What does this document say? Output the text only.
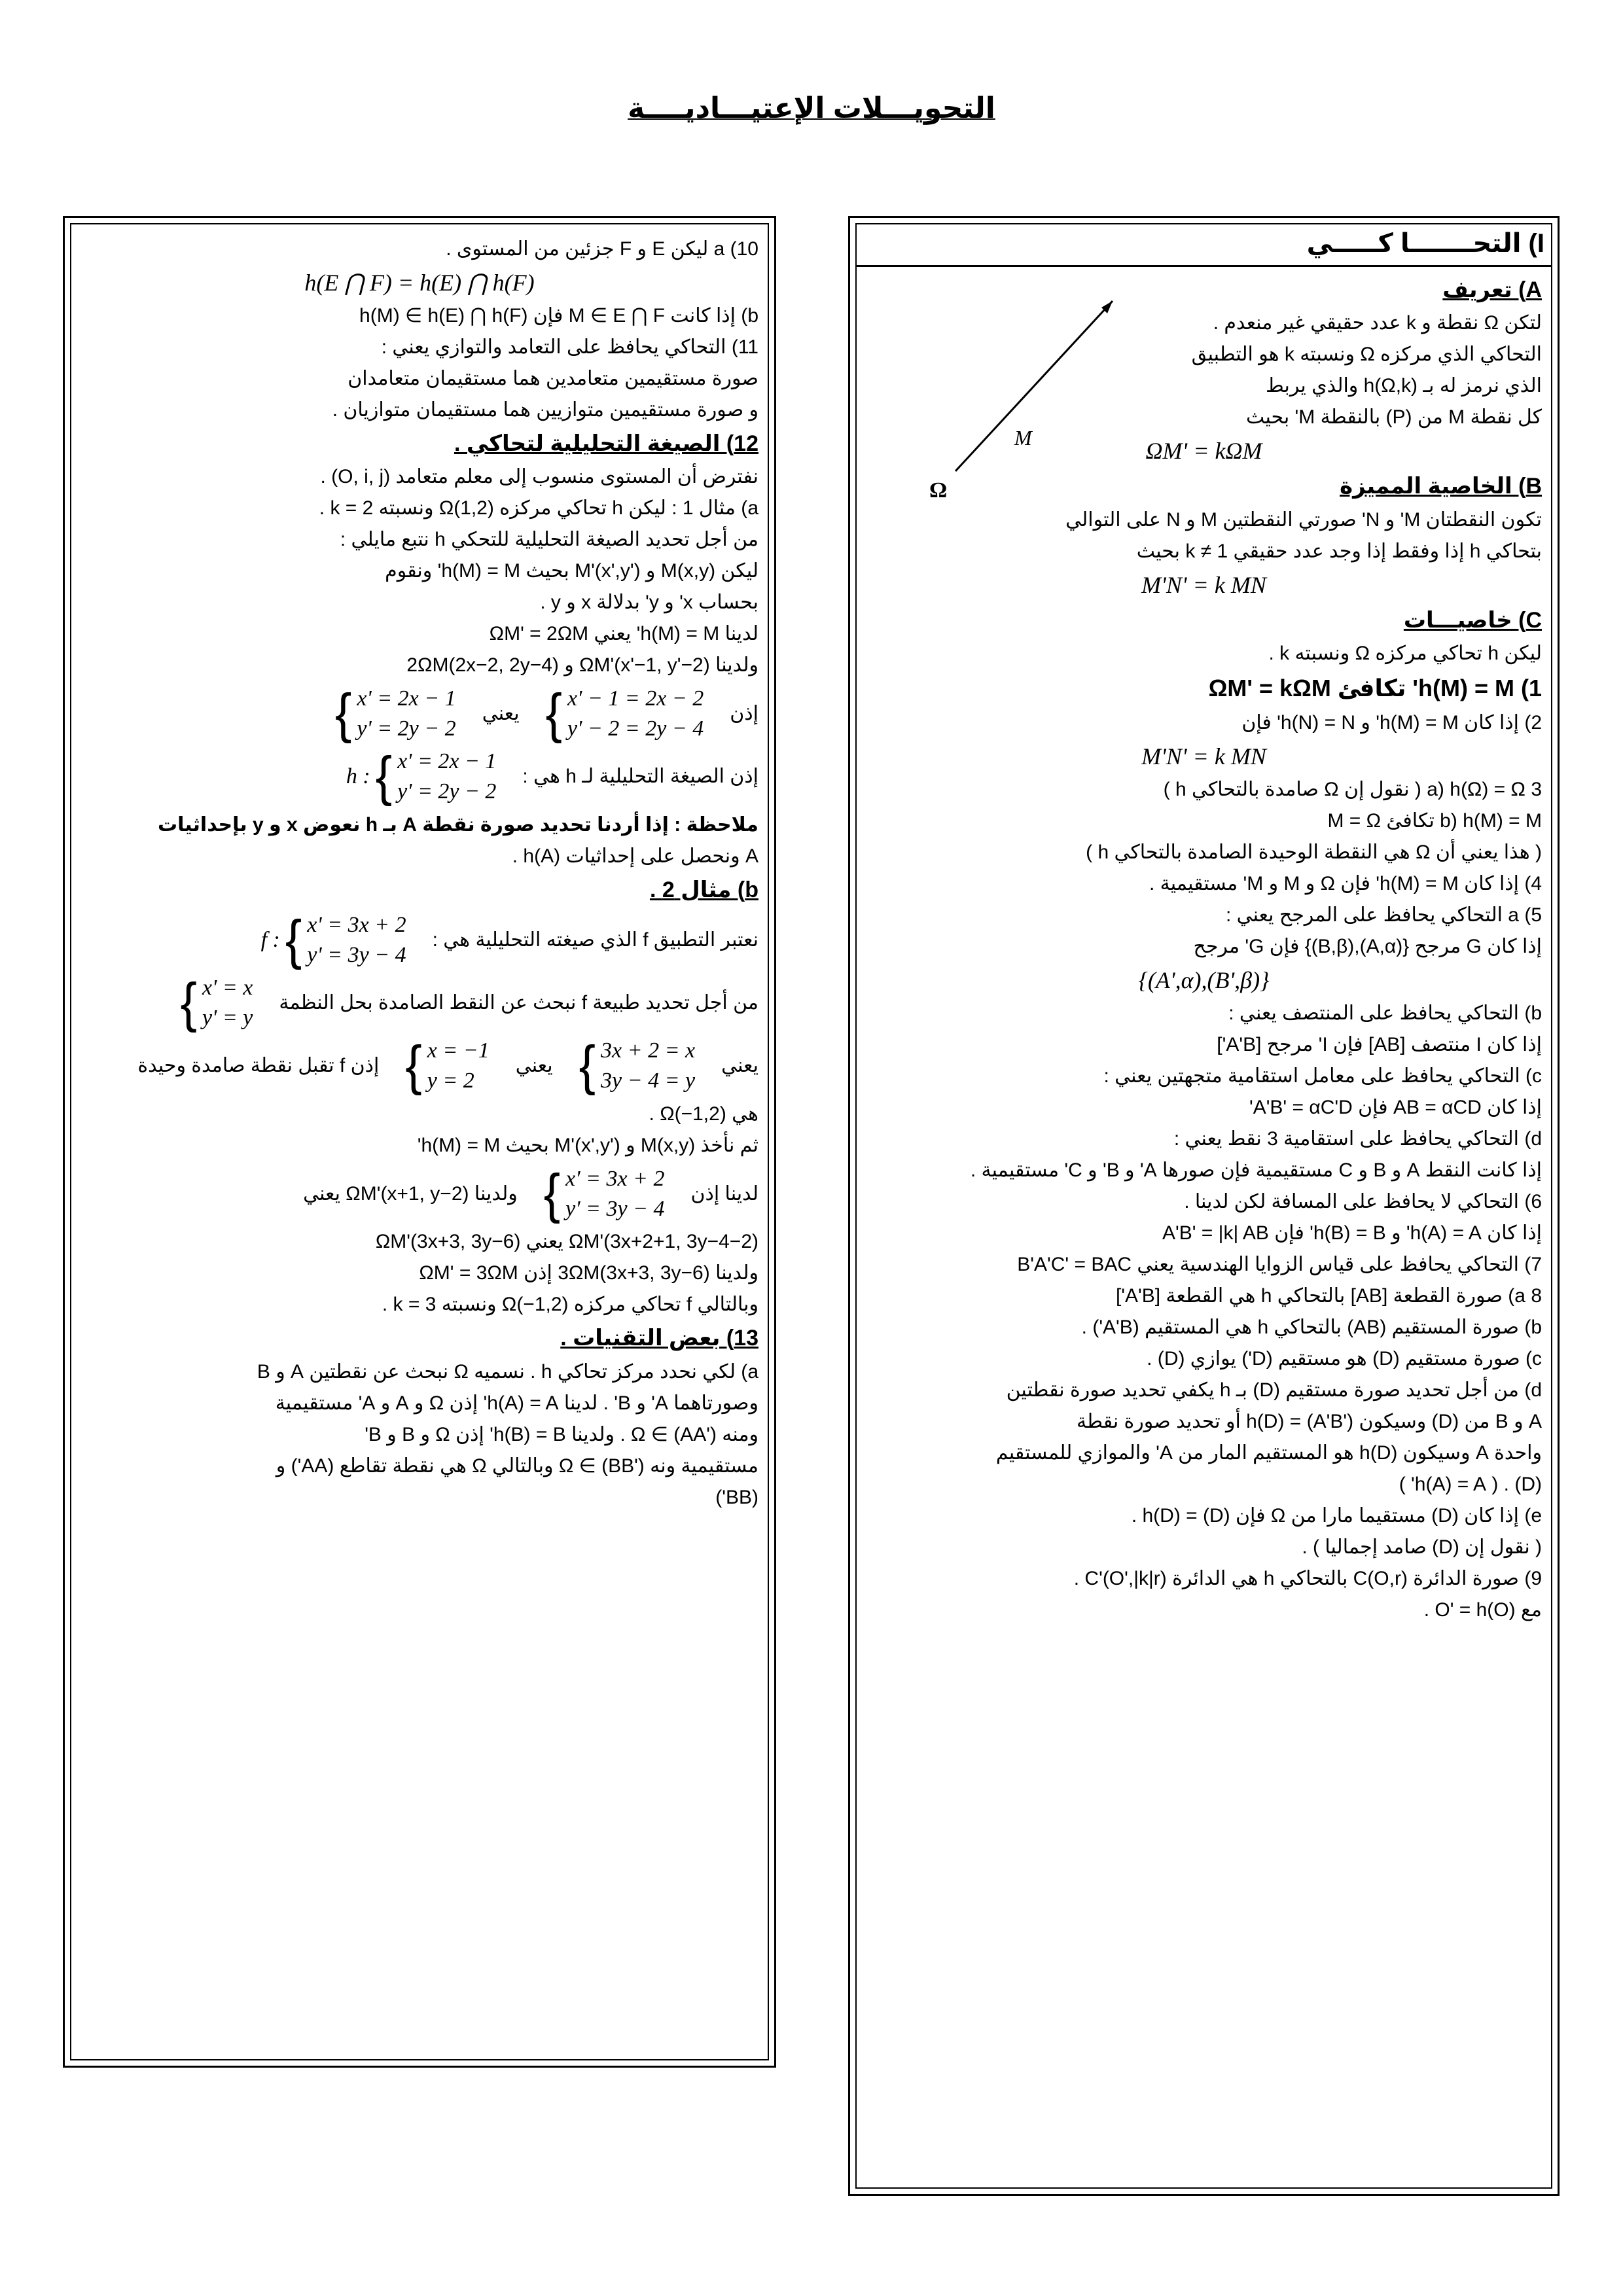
التحويـــلات الإعتيـــاديــــة
Ω
M
I) التحـــــــا كـــــي
A) تعريف
لتكن Ω نقطة و k عدد حقيقي غير منعدم .
التحاكي الذي مركزه Ω ونسبته k هو التطبيق
الذي نرمز له بـ h(Ω,k) والذي يربط
كل نقطة M من (P) بالنقطة M' بحيث
ΩM' = kΩM
B) الخاصية المميزة
تكون النقطتان M' و N' صورتي النقطتين M و N على التوالي
بتحاكي h إذا وفقط إذا وجد عدد حقيقي k ≠ 1 بحيث
M'N' = k MN
C) خاصيـــات
ليكن h تحاكي مركزه Ω ونسبته k .
1) h(M) = M' تكافئ ΩM' = kΩM
2) إذا كان h(M) = M' و h(N) = N' فإن
M'N' = k MN
3 a) h(Ω) = Ω ( نقول إن Ω صامدة بالتحاكي h )
b) h(M) = M تكافئ M = Ω
( هذا يعني أن Ω هي النقطة الوحيدة الصامدة بالتحاكي h )
4) إذا كان h(M) = M' فإن Ω و M و M' مستقيمية .
5) a التحاكي يحافظ على المرجح يعني :
إذا كان G مرجح {(A,α),(B,β)} فإن G' مرجح
{(A',α),(B',β)}
b) التحاكي يحافظ على المنتصف يعني :
إذا كان I منتصف [AB] فإن I' مرجح [A'B']
c) التحاكي يحافظ على معامل استقامية متجهتين يعني :
إذا كان AB = αCD فإن A'B' = αC'D'
d) التحاكي يحافظ على استقامية 3 نقط يعني :
إذا كانت النقط A و B و C مستقيمية فإن صورها A' و B' و C' مستقيمية .
6) التحاكي لا يحافظ على المسافة لكن لدينا .
إذا كان h(A) = A' و h(B) = B' فإن A'B' = |k| AB
7) التحاكي يحافظ على قياس الزوايا الهندسية يعني B'A'C' = BAC
8 a) صورة القطعة [AB] بالتحاكي h هي القطعة [A'B']
b) صورة المستقيم (AB) بالتحاكي h هي المستقيم (A'B') .
c) صورة مستقيم (D) هو مستقيم (D') يوازي (D) .
d) من أجل تحديد صورة مستقيم (D) بـ h يكفي تحديد صورة نقطتين
A و B من (D) وسيكون h(D) = (A'B') أو تحديد صورة نقطة
واحدة A وسيكون h(D) هو المستقيم المار من A' والموازي للمستقيم
(D) . ( h(A) = A' )
e) إذا كان (D) مستقيما مارا من Ω فإن h(D) = (D) .
( نقول إن (D) صامد إجماليا ) .
9) صورة الدائرة C(O,r) بالتحاكي h هي الدائرة C'(O',|k|r) .
مع O' = h(O) .
10) a ليكن E و F جزئين من المستوى .
h(E ⋂ F) = h(E) ⋂ h(F)
b) إذا كانت M ∈ E ⋂ F فإن h(M) ∈ h(E) ⋂ h(F)
11) التحاكي يحافظ على التعامد والتوازي يعني :
صورة مستقيمين متعامدين هما مستقيمان متعامدان
و صورة مستقيمين متوازيين هما مستقيمان متوازيان .
12) الصيغة التحليلية لتحاكي .
نفترض أن المستوى منسوب إلى معلم متعامد (O, i, j) .
a) مثال 1 : ليكن h تحاكي مركزه Ω(1,2) ونسبته k = 2 .
من أجل تحديد الصيغة التحليلية للتحكي h نتبع مايلي :
ليكن M(x,y) و M'(x',y') بحيث h(M) = M' ونقوم
بحساب x' و y' بدلالة x و y .
لدينا h(M) = M' يعني ΩM' = 2ΩM
ولدينا ΩM'(x'−1, y'−2) و 2ΩM(2x−2, 2y−4)
إذن
{ x' − 1 = 2x − 2
y' − 2 = 2y − 4
يعني
{ x' = 2x − 1
y' = 2y − 2
إذن الصيغة التحليلية لـ h هي :
h : { x' = 2x − 1
y' = 2y − 2
ملاحظة : إذا أردنا تحديد صورة نقطة A بـ h نعوض x و y بإحداثيات
A ونحصل على إحداثيات h(A) .
b) مثال 2 .
نعتبر التطبيق f الذي صيغته التحليلية هي :
f : { x' = 3x + 2
y' = 3y − 4
من أجل تحديد طبيعة f نبحث عن النقط الصامدة بحل النظمة
{ x' = x
y' = y
يعني
{ 3x + 2 = x
3y − 4 = y
يعني
{ x = −1
y = 2
إذن f تقبل نقطة صامدة وحيدة
هي Ω(−1,2) .
ثم نأخذ M(x,y) و M'(x',y') بحيث h(M) = M'
لدينا إذن
{ x' = 3x + 2
y' = 3y − 4
ولدينا ΩM'(x+1, y−2) يعني
ΩM'(3x+2+1, 3y−4−2) يعني ΩM'(3x+3, 3y−6)
ولدينا 3ΩM(3x+3, 3y−6) إذن ΩM' = 3ΩM
وبالتالي f تحاكي مركزه Ω(−1,2) ونسبته k = 3 .
13) بعض التقنيات .
a) لكي نحدد مركز تحاكي h . نسميه Ω نبحث عن نقطتين A و B
وصورتاهما A' و B' . لدينا h(A) = A' إذن Ω و A و A' مستقيمية
ومنه Ω ∈ (AA') . ولدينا h(B) = B' إذن Ω و B و B'
مستقيمية ونه Ω ∈ (BB') وبالتالي Ω هي نقطة تقاطع (AA') و
(BB')
